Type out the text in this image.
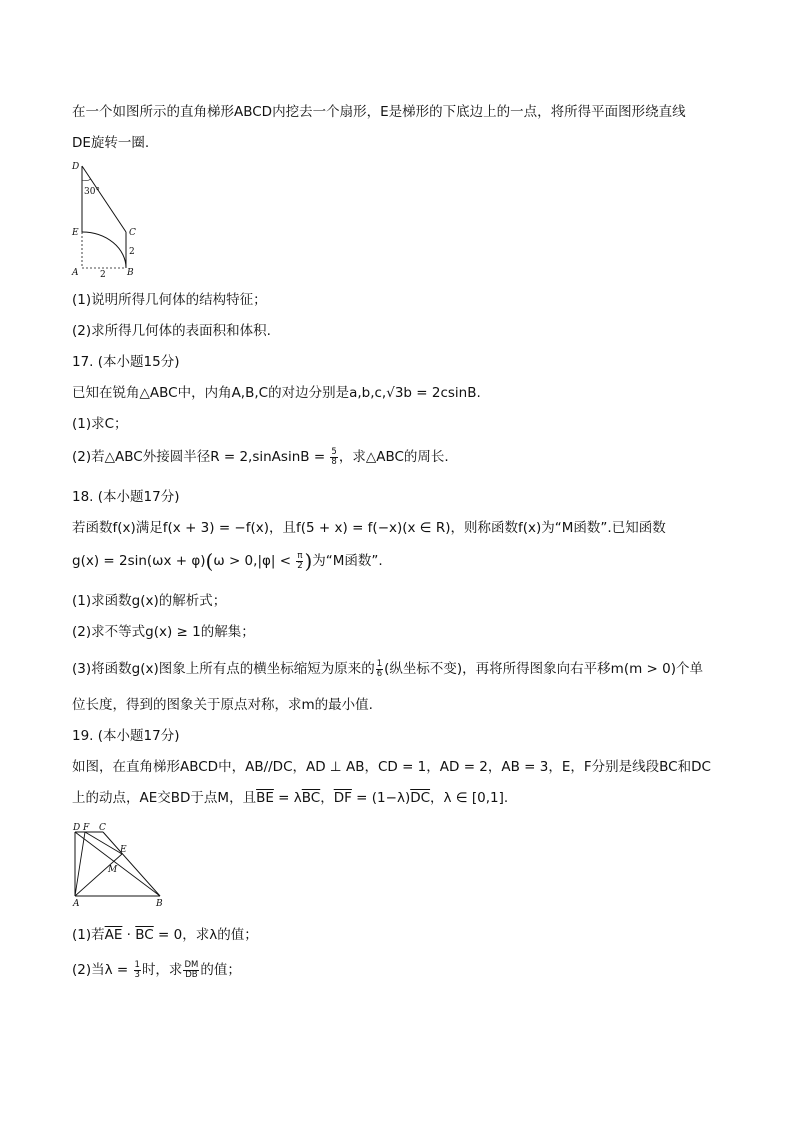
在一个如图所示的直角梯形ABCD内挖去一个扇形，E是梯形的下底边上的一点，将所得平面图形绕直线
DE旋转一圈.
D
30°
E	C
2
A 2 B
(1)说明所得几何体的结构特征；
(2)求所得几何体的表面积和体积.
17. (本小题15分)
已知在锐角△ABC中，内角A,B,C的对边分别是a,b,c,√3b = 2csinB.
(1)求C；
(2)若△ABC外接圆半径R = 2,sinAsinB = $\frac{5}{8}$ ，求△ABC的周长.
18. (本小题17分)
若函数f(x)满足f(x + 3) = −f(x)，且f(5 + x) = f(−x)(x ∈ R)，则称函数f(x)为“M函数”.已知函数
$g(x) = 2\sin(\omega x + \varphi)(\omega > 0,|\varphi| < \frac{\pi}{2}$ )为“M函数”.
(1)求函数g(x)的解析式；
(2)求不等式g(x) ≥ 1的解集；
(3)将函数g(x)图象上所有点的横坐标缩短为原来的 $\frac{1}{6}$ (纵坐标不变)，再将所得图象向右平移m(m > 0)个单
位长度，得到的图象关于原点对称，求m的最小值.
19. (本小题17分)
如图，在直角梯形ABCD中，AB//DC，AD ⊥ AB，CD = 1，AD = 2，AB = 3，E，F分别是线段BC和DC
上的动点，AE交BD于点M，且$\overline{BE} = \lambda\overline{BC}$，$\overline{DF} = (1-\lambda)\overline{DC}$，λ ∈ [0,1].
D F C
E
M
A	B
(1)若$\overline{AE} \cdot \overline{BC} = 0$，求λ的值；
(2)当$\lambda = \frac{1}{3}$ 时，求 $\frac{DM}{DB}$ 的值；
